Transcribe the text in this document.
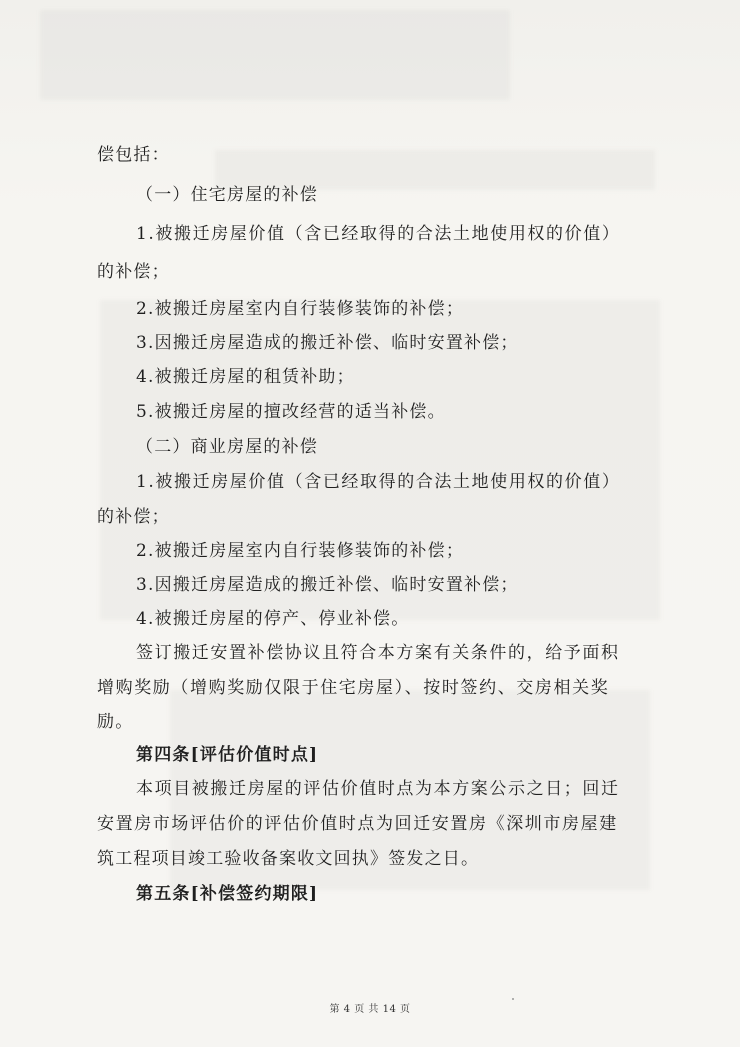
偿包括：
（一）住宅房屋的补偿
1.被搬迁房屋价值（含已经取得的合法土地使用权的价值）
的补偿；
2.被搬迁房屋室内自行装修装饰的补偿；
3.因搬迁房屋造成的搬迁补偿、临时安置补偿；
4.被搬迁房屋的租赁补助；
5.被搬迁房屋的擅改经营的适当补偿。
（二）商业房屋的补偿
1.被搬迁房屋价值（含已经取得的合法土地使用权的价值）
的补偿；
2.被搬迁房屋室内自行装修装饰的补偿；
3.因搬迁房屋造成的搬迁补偿、临时安置补偿；
4.被搬迁房屋的停产、停业补偿。
签订搬迁安置补偿协议且符合本方案有关条件的，给予面积
增购奖励（增购奖励仅限于住宅房屋）、按时签约、交房相关奖
励。
第四条[评估价值时点]
本项目被搬迁房屋的评估价值时点为本方案公示之日；回迁
安置房市场评估价的评估价值时点为回迁安置房《深圳市房屋建
筑工程项目竣工验收备案收文回执》签发之日。
第五条[补偿签约期限]
第 4 页 共 14 页
